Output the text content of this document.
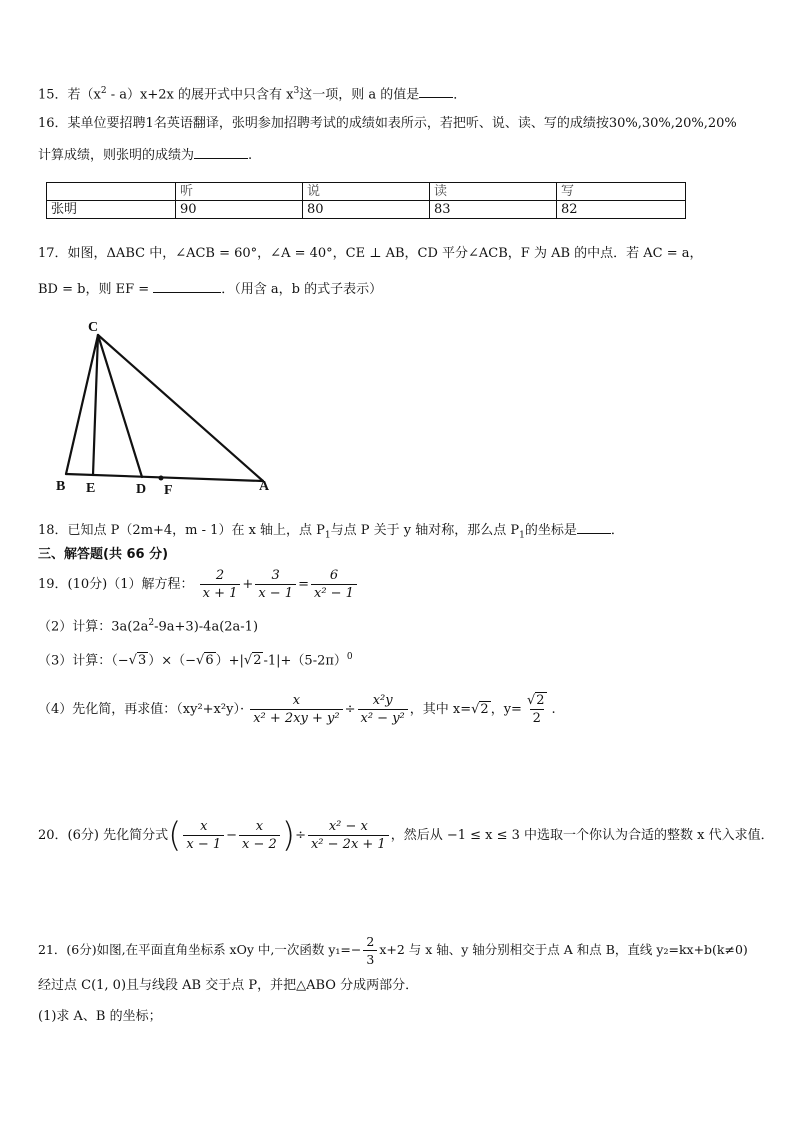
15．若$(x^2 - a)x+2x$ 的展开式中只含有 $x^3$这一项，则 a 的值是	．
16．某单位要招聘1名英语翻译，张明参加招聘考试的成绩如表所示，若把听、说、读、写的成绩按30%,30%,20%,20%
计算成绩，则张明的成绩为	.
	听	说	读	写
张明	90	80	83	82
17．如图，ΔABC 中，∠ACB = 60°，∠A = 40°，CE ⊥ AB，CD 平分∠ACB，F 为 AB 的中点．若 AC = a，
BD = b，则 EF =	．（用含 a，b 的式子表示）
C
B E	D F	A
18．已知点 P（2m+4，m - 1）在 x 轴上，点 $P_1$与点 P 关于 y 轴对称，那么点 $P_1$的坐标是	．
三、解答题(共 66 分)
19．(10分)（1）解方程： $\frac{2}{x + 1} + \frac{3}{x - 1} = \frac{6}{\text{x² − 1}}$
（2）计算：$3a(2a^2-9a+3)-4a(2a-1)$
（3）计算：（−√3 ）×（−√6 ）+|√2 $-1|+(5-2\pi)^0$
（4）先化简，再求值：$(xy^2+x^2y)\cdot \frac{x}{\text{x² + 2xy + y²}} \div \frac{\text{x²y}}{\text{x² − y²}}$ ，其中 x=√2 ，$y= \frac{√2}{2}$ .
20．(6分) 先化简分式( $\frac{x}{x - 1} - \frac{x}{x - 2}$ )÷ $\frac{\text{x² − x}}{\text{x² − 2x + 1}}$ ，然后从 −1 ≤ x ≤ 3 中选取一个你认为合适的整数 x 代入求值．
21．(6分)如图,在平面直角坐标系 xOy 中,一次函数 $y_1=- \frac{2}{3} x+2$ 与 x 轴、y 轴分别相交于点 A 和点 B，直线 y₂=kx+b(k≠0)
经过点 C(1, 0)且与线段 AB 交于点 P，并把△ABO 分成两部分．
(1)求 A、B 的坐标；
